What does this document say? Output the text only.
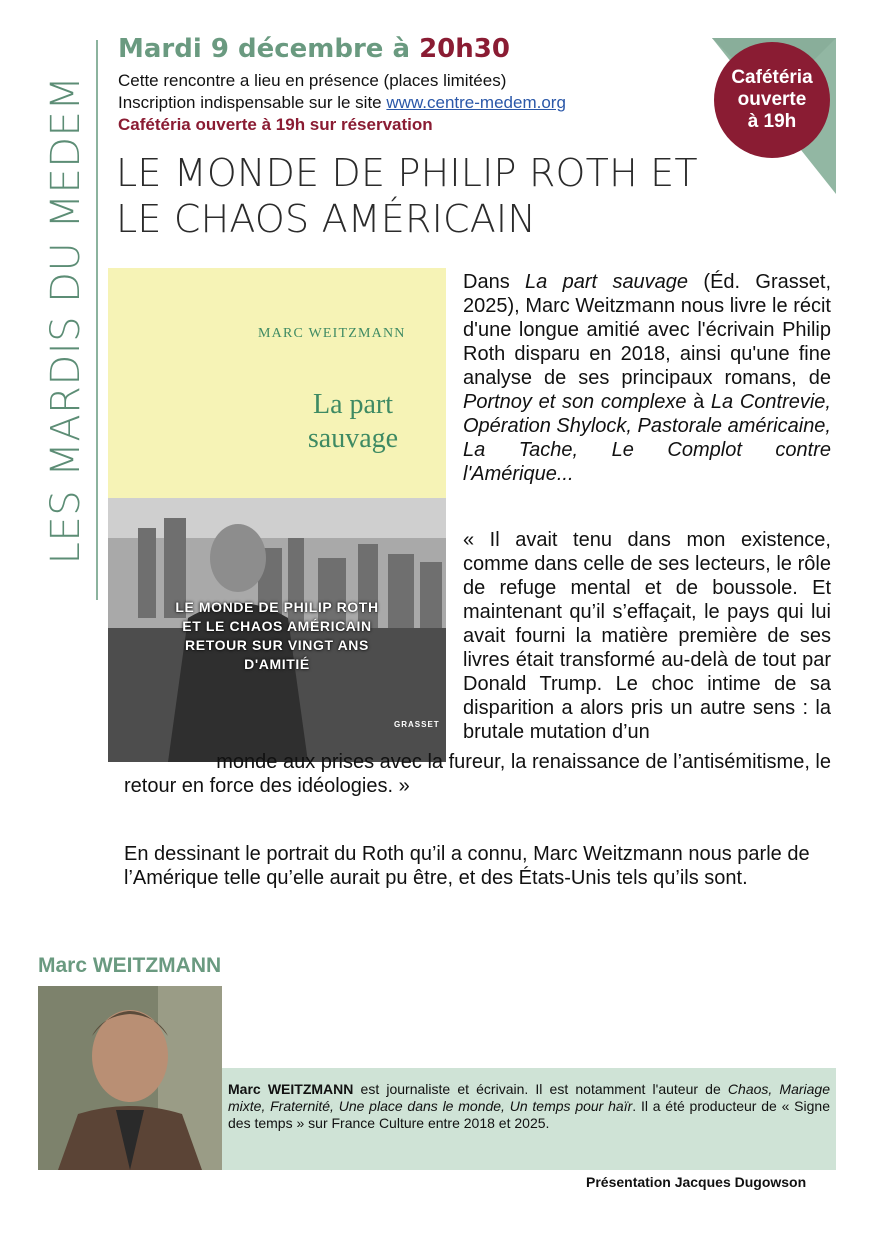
LES MARDIS DU MEDEM
Mardi 9 décembre à 20h30
Cette rencontre a lieu en présence (places limitées)
Inscription indispensable sur le site www.centre-medem.org
Cafétéria ouverte à 19h sur réservation
LE MONDE DE PHILIP ROTH ET
LE CHAOS AMÉRICAIN
Cafétéria
ouverte
à 19h
MARC WEITZMANN
La part
sauvage
LE MONDE DE PHILIP ROTH
ET LE CHAOS AMÉRICAIN
RETOUR SUR VINGT ANS
D'AMITIÉ
GRASSET
Dans La part sauvage (Éd. Grasset, 2025), Marc Weitzmann nous livre le récit d'une longue amitié avec l'écrivain Philip Roth disparu en 2018, ainsi qu'une fine analyse de ses principaux romans, de Portnoy et son complexe à La Contrevie, Opération Shylock, Pastorale américaine, La Tache, Le Complot contre l'Amérique...
« Il avait tenu dans mon existence, comme dans celle de ses lecteurs, le rôle de refuge mental et de boussole. Et maintenant qu’il s’effaçait, le pays qui lui avait fourni la matière première de ses livres était transformé au-delà de tout par Donald Trump. Le choc intime de sa disparition a alors pris un autre sens : la brutale mutation d’un
monde aux prises avec la fureur, la renaissance de l’antisémitisme, le
retour en force des idéologies. »
En dessinant le portrait du Roth qu’il a connu, Marc Weitzmann nous parle de l’Amérique telle qu’elle aurait pu être, et des États-Unis tels qu’ils sont.
Marc WEITZMANN
Marc WEITZMANN est journaliste et écrivain. Il est notamment l'auteur de Chaos, Mariage mixte, Fraternité, Une place dans le monde, Un temps pour haïr. Il a été producteur de « Signe des temps » sur France Culture entre 2018 et 2025.
Présentation Jacques Dugowson
